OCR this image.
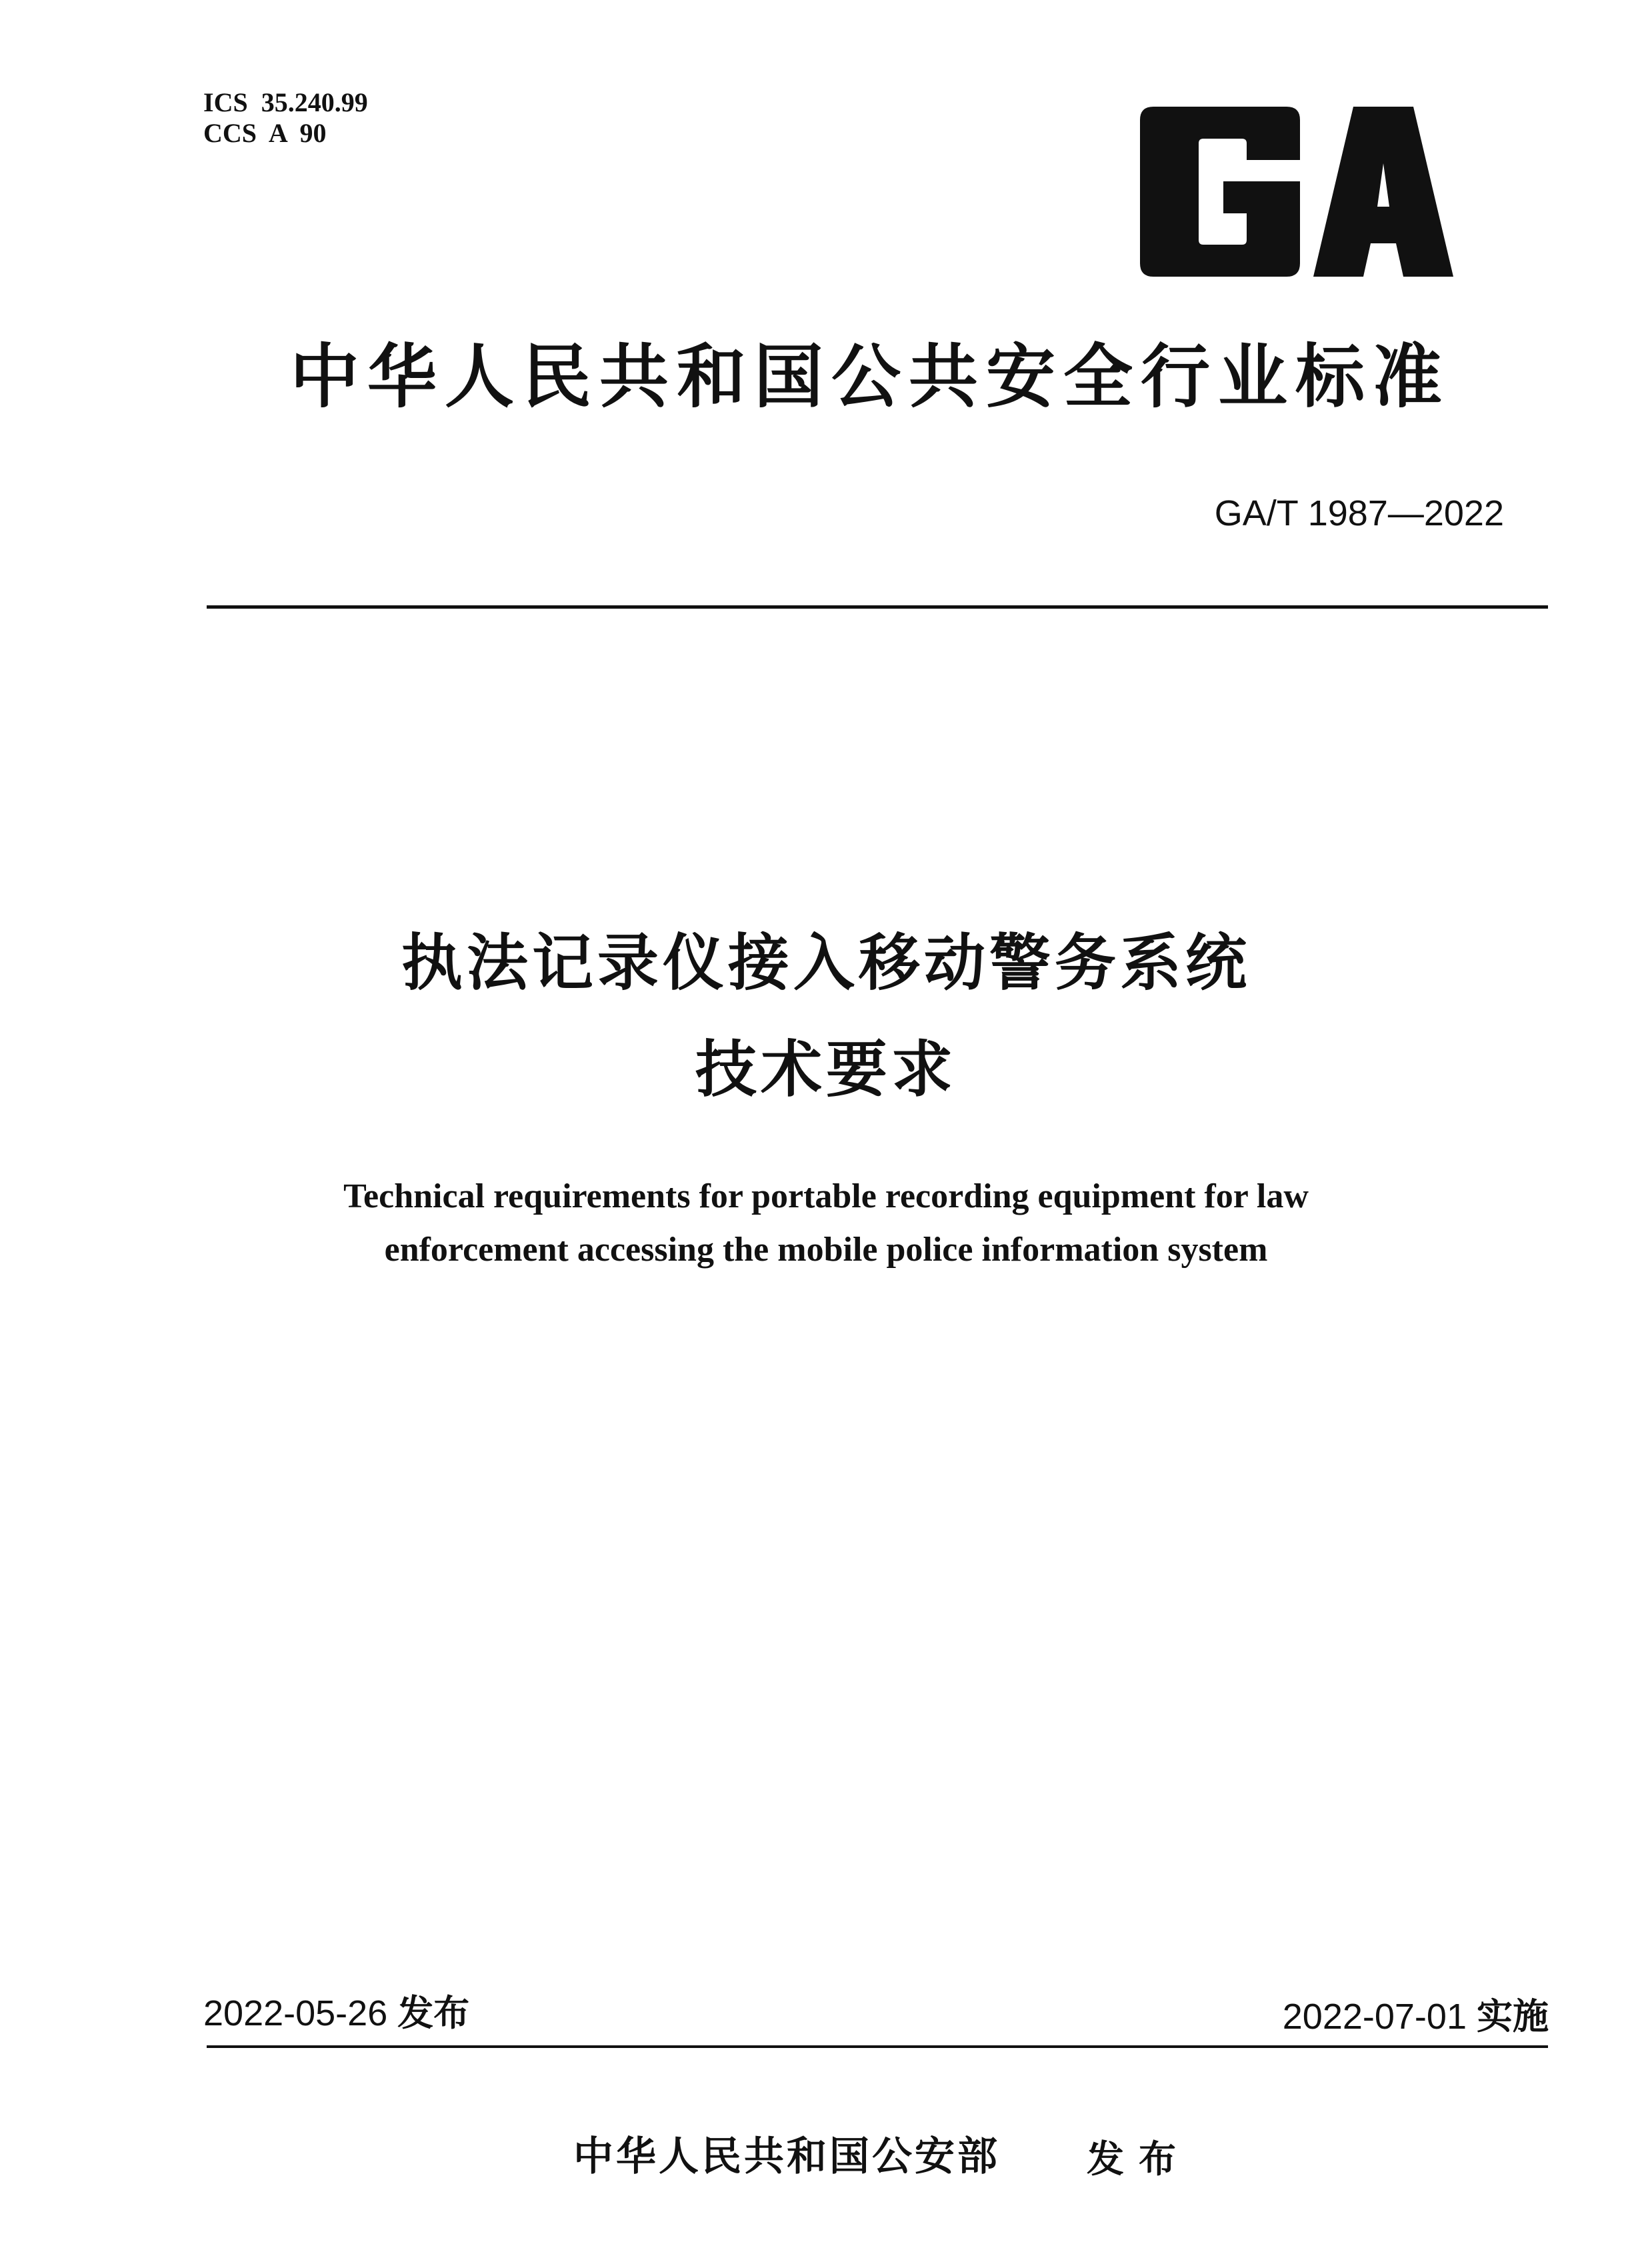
ICS  35.240.99
CCS  A  90
中华人民共和国公共安全行业标准
GA/T 1987—2022
执法记录仪接入移动警务系统
技术要求
Technical requirements for portable recording equipment for law
enforcement accessing the mobile police information system
2022-05-26 发布	2022-07-01 实施
中华人民共和国公安部 发布
